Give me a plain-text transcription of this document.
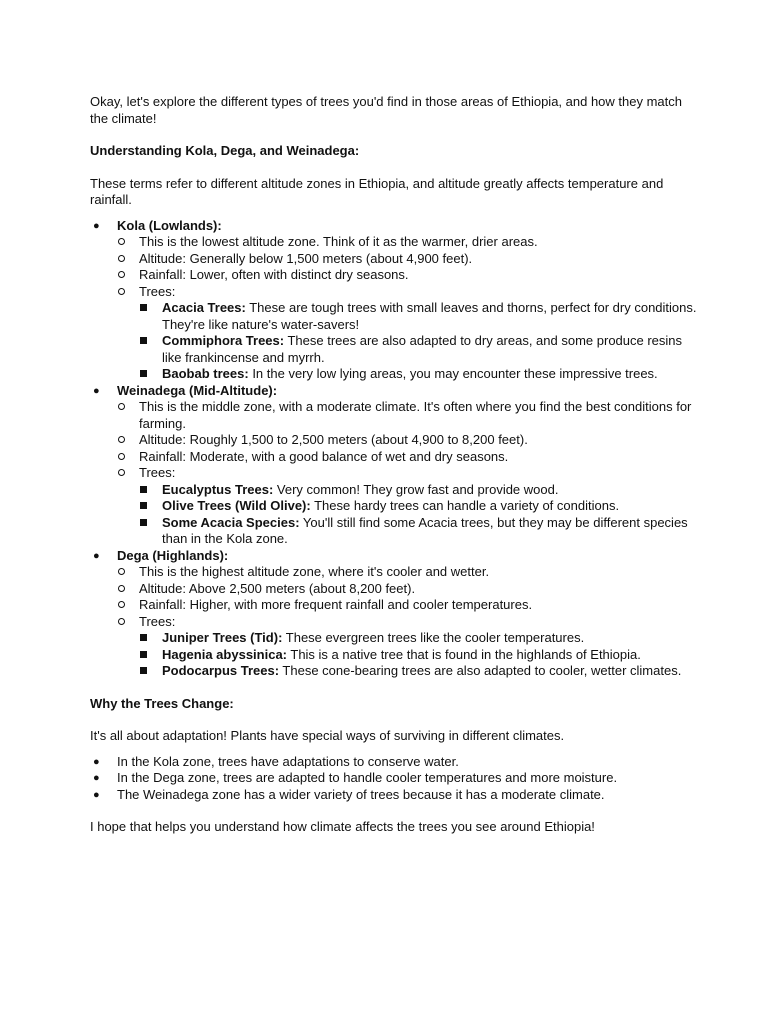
Okay, let's explore the different types of trees you'd find in those areas of Ethiopia, and how they match the climate!

Understanding Kola, Dega, and Weinadega:

These terms refer to different altitude zones in Ethiopia, and altitude greatly affects temperature and rainfall.

● Kola (Lowlands):
This is the lowest altitude zone. Think of it as the warmer, drier areas.
Altitude: Generally below 1,500 meters (about 4,900 feet).
Rainfall: Lower, often with distinct dry seasons.
Trees:
Acacia Trees: These are tough trees with small leaves and thorns, perfect for dry conditions. They're like nature's water-savers!
Commiphora Trees: These trees are also adapted to dry areas, and some produce resins like frankincense and myrrh.
Baobab trees: In the very low lying areas, you may encounter these impressive trees.
● Weinadega (Mid-Altitude):
This is the middle zone, with a moderate climate. It's often where you find the best conditions for farming.
Altitude: Roughly 1,500 to 2,500 meters (about 4,900 to 8,200 feet).
Rainfall: Moderate, with a good balance of wet and dry seasons.
Trees:
Eucalyptus Trees: Very common! They grow fast and provide wood.
Olive Trees (Wild Olive): These hardy trees can handle a variety of conditions.
Some Acacia Species: You'll still find some Acacia trees, but they may be different species than in the Kola zone.
● Dega (Highlands):
This is the highest altitude zone, where it's cooler and wetter.
Altitude: Above 2,500 meters (about 8,200 feet).
Rainfall: Higher, with more frequent rainfall and cooler temperatures.
Trees:
Juniper Trees (Tid): These evergreen trees like the cooler temperatures.
Hagenia abyssinica: This is a native tree that is found in the highlands of Ethiopia.
Podocarpus Trees: These cone-bearing trees are also adapted to cooler, wetter climates.

Why the Trees Change:

It's all about adaptation! Plants have special ways of surviving in different climates.

● In the Kola zone, trees have adaptations to conserve water.
● In the Dega zone, trees are adapted to handle cooler temperatures and more moisture.
● The Weinadega zone has a wider variety of trees because it has a moderate climate.

I hope that helps you understand how climate affects the trees you see around Ethiopia!
